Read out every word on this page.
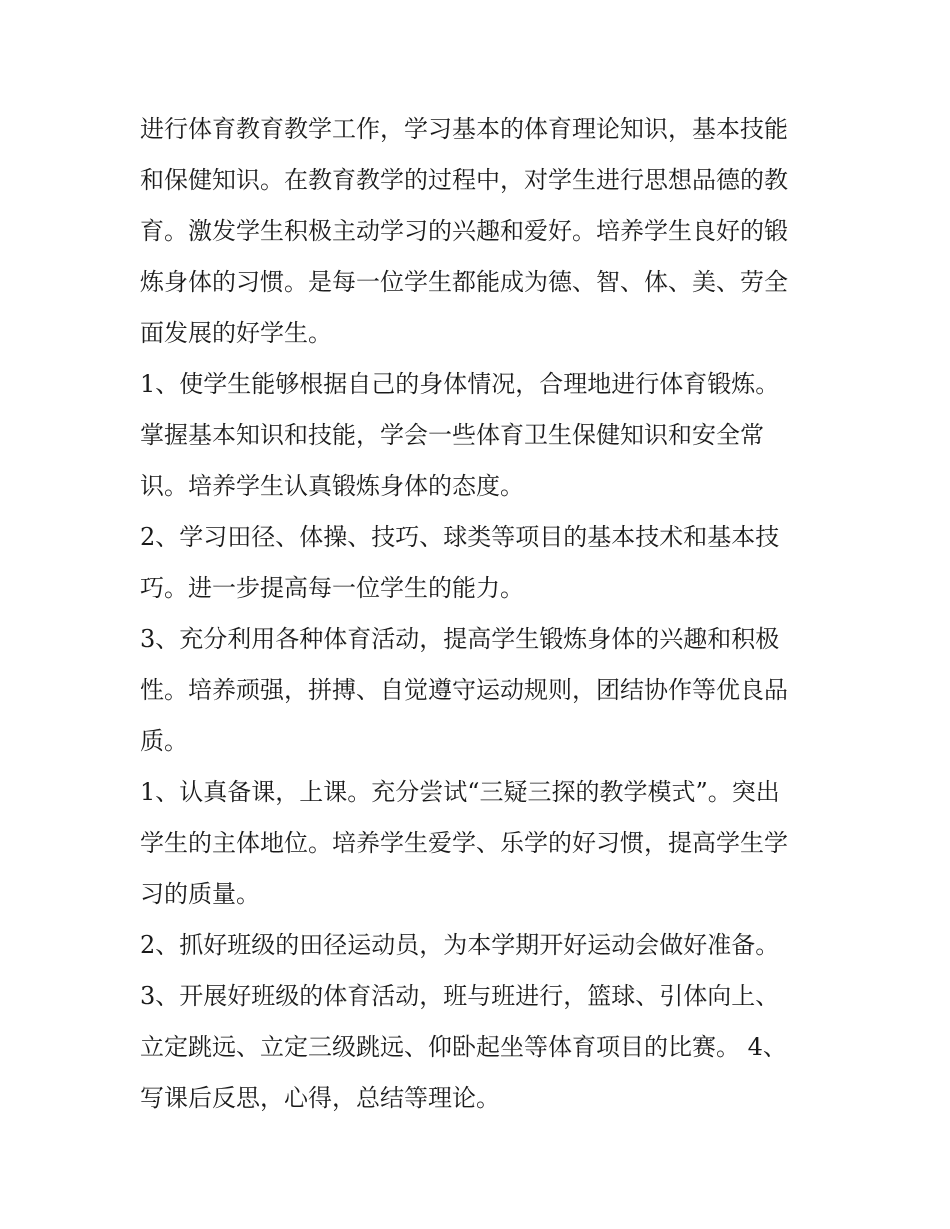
进行体育教育教学工作，学习基本的体育理论知识，基本技能
和保健知识。在教育教学的过程中，对学生进行思想品德的教
育。激发学生积极主动学习的兴趣和爱好。培养学生良好的锻
炼身体的习惯。是每一位学生都能成为德、智、体、美、劳全
面发展的好学生。
1、使学生能够根据自己的身体情况，合理地进行体育锻炼。
掌握基本知识和技能，学会一些体育卫生保健知识和安全常
识。培养学生认真锻炼身体的态度。
2、学习田径、体操、技巧、球类等项目的基本技术和基本技
巧。进一步提高每一位学生的能力。
3、充分利用各种体育活动，提高学生锻炼身体的兴趣和积极
性。培养顽强，拼搏、自觉遵守运动规则，团结协作等优良品
质。
1、认真备课，上课。充分尝试“三疑三探的教学模式”。突出
学生的主体地位。培养学生爱学、乐学的好习惯，提高学生学
习的质量。
2、抓好班级的田径运动员，为本学期开好运动会做好准备。
3、开展好班级的体育活动，班与班进行，篮球、引体向上、
立定跳远、立定三级跳远、仰卧起坐等体育项目的比赛。 4、
写课后反思，心得，总结等理论。
